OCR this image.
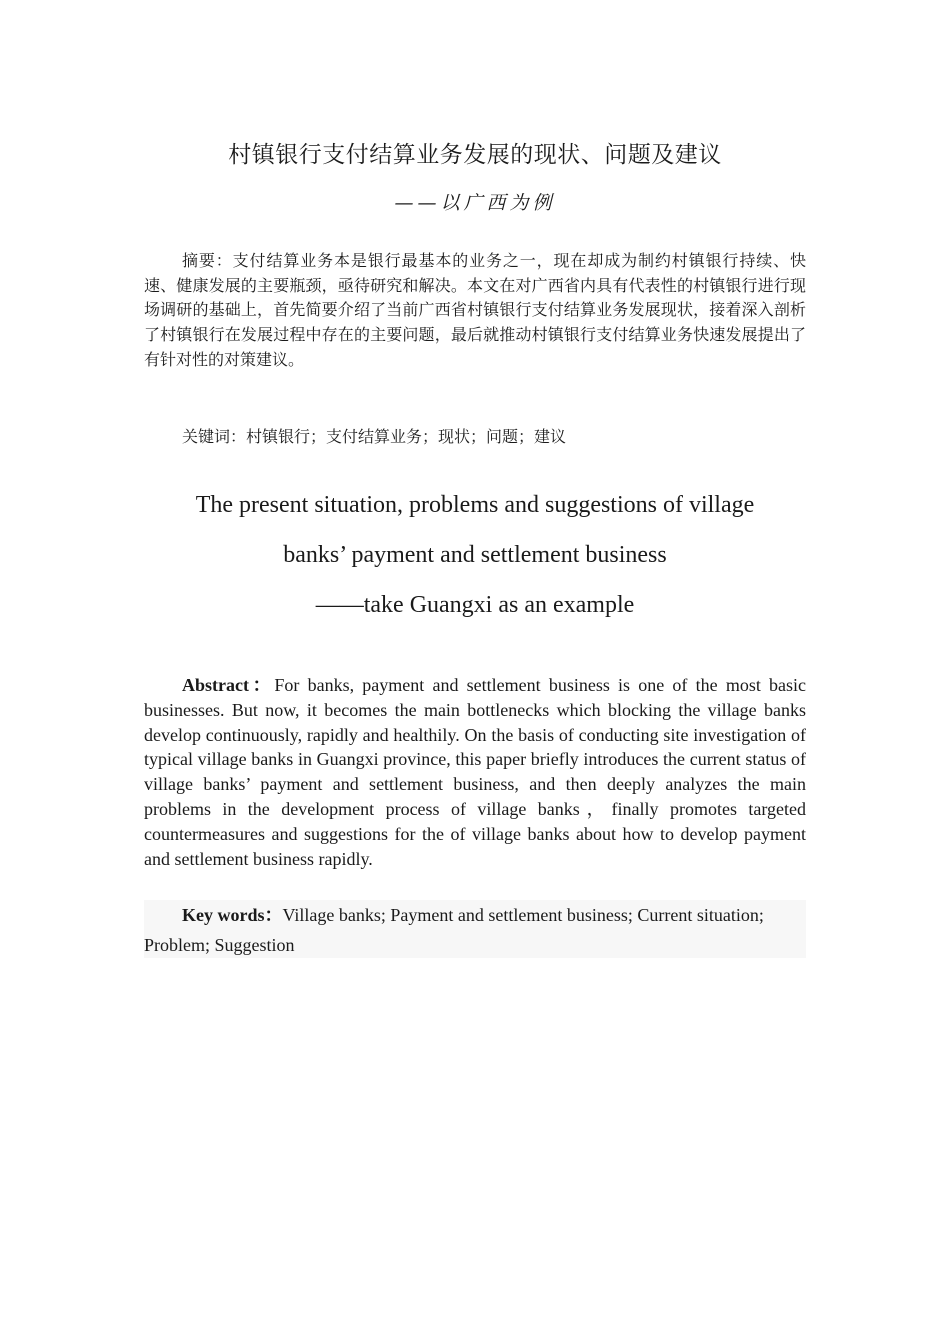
村镇银行支付结算业务发展的现状、问题及建议

——以广西为例

摘要：支付结算业务本是银行最基本的业务之一，现在却成为制约村镇银行持续、快速、健康发展的主要瓶颈，亟待研究和解决。本文在对广西省内具有代表性的村镇银行进行现场调研的基础上，首先简要介绍了当前广西省村镇银行支付结算业务发展现状，接着深入剖析了村镇银行在发展过程中存在的主要问题，最后就推动村镇银行支付结算业务快速发展提出了有针对性的对策建议。

关键词：村镇银行；支付结算业务；现状；问题；建议

The present situation, problems and suggestions of village
banks’ payment and settlement business
——take Guangxi as an example

Abstract：For banks, payment and settlement business is one of the most basic businesses. But now, it becomes the main bottlenecks which blocking the village banks develop continuously, rapidly and healthily. On the basis of conducting site investigation of typical village banks in Guangxi province, this paper briefly introduces the current status of village banks’ payment and settlement business, and then deeply analyzes the main problems in the development process of village banks，finally promotes targeted countermeasures and suggestions for the of village banks about how to develop payment and settlement business rapidly.

Key words：Village banks; Payment and settlement business; Current situation; Problem; Suggestion
